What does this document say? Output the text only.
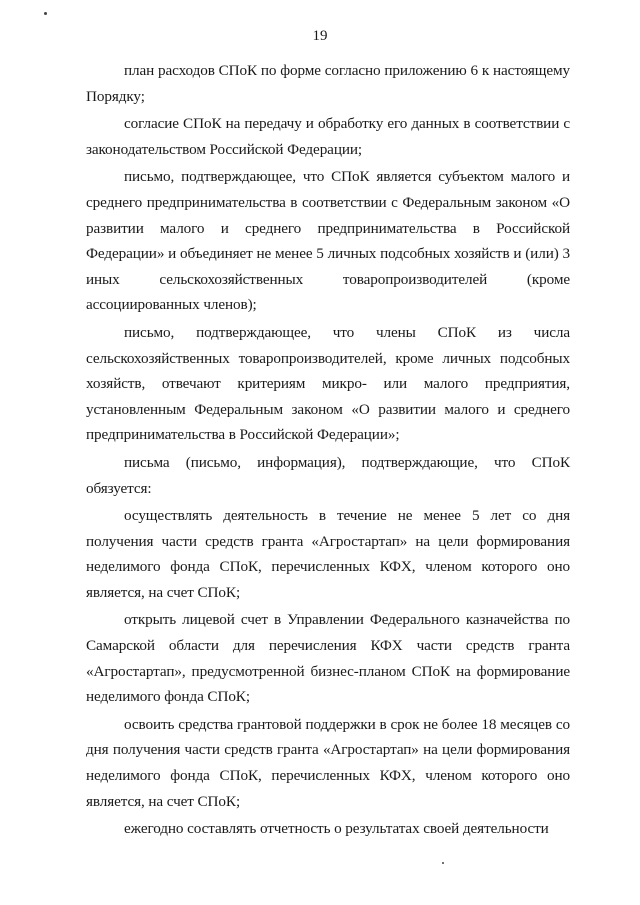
19

план расходов СПоК по форме согласно приложению 6 к настоящему Порядку;

согласие СПоК на передачу и обработку его данных в соответствии с законодательством Российской Федерации;

письмо, подтверждающее, что СПоК является субъектом малого и среднего предпринимательства в соответствии с Федеральным законом «О развитии малого и среднего предпринимательства в Российской Федерации» и объединяет не менее 5 личных подсобных хозяйств и (или) 3 иных сельскохозяйственных товаропроизводителей (кроме ассоциированных членов);

письмо, подтверждающее, что члены СПоК из числа сельскохозяйственных товаропроизводителей, кроме личных подсобных хозяйств, отвечают критериям микро- или малого предприятия, установленным Федеральным законом «О развитии малого и среднего предпринимательства в Российской Федерации»;

письма (письмо, информация), подтверждающие, что СПоК обязуется:

осуществлять деятельность в течение не менее 5 лет со дня получения части средств гранта «Агростартап» на цели формирования неделимого фонда СПоК, перечисленных КФХ, членом которого оно является, на счет СПоК;

открыть лицевой счет в Управлении Федерального казначейства по Самарской области для перечисления КФХ части средств гранта «Агростартап», предусмотренной бизнес-планом СПоК на формирование неделимого фонда СПоК;

освоить средства грантовой поддержки в срок не более 18 месяцев со дня получения части средств гранта «Агростартап» на цели формирования неделимого фонда СПоК, перечисленных КФХ, членом которого оно является, на счет СПоК;

ежегодно составлять отчетность о результатах своей деятельности
